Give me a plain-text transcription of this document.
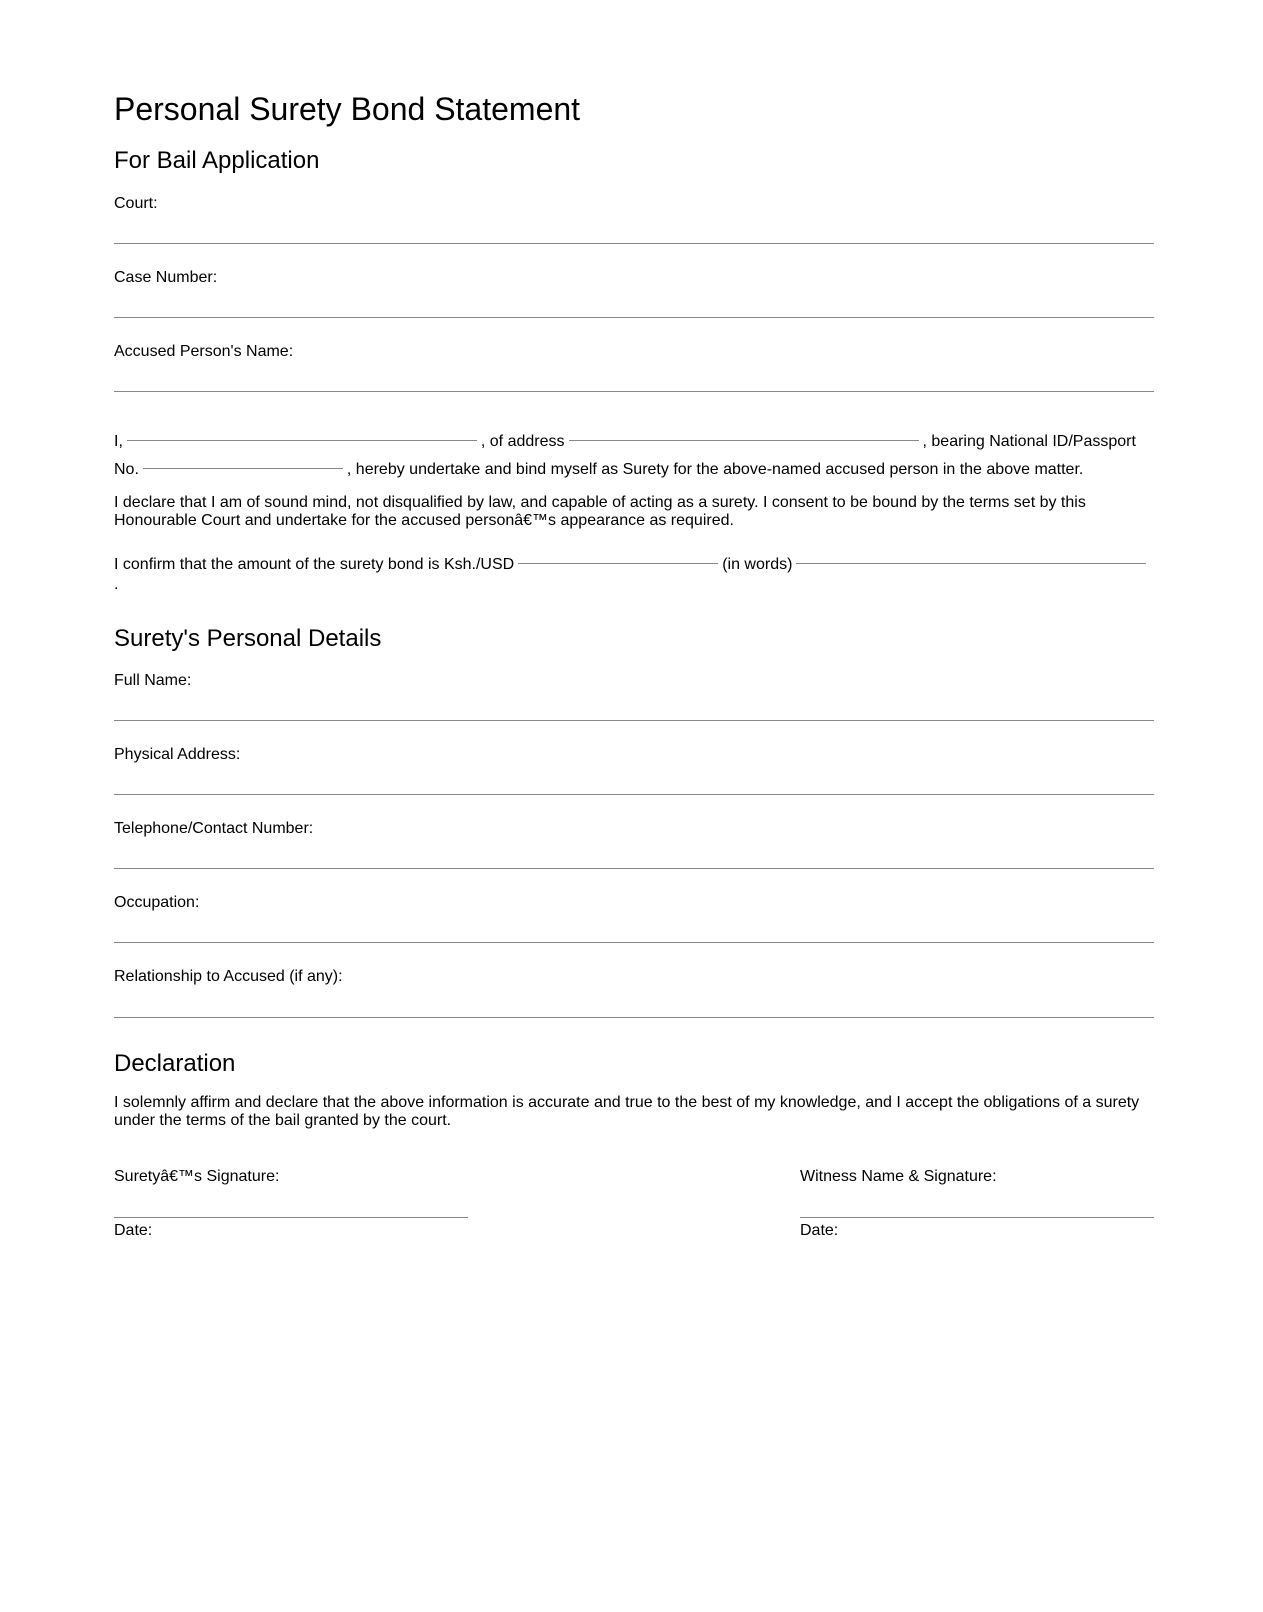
Personal Surety Bond Statement
For Bail Application
Court:
Case Number:
Accused Person's Name:
I,	, of address	, bearing National ID/Passport
No.	, hereby undertake and bind myself as Surety for the above-named accused person in the above matter.
I declare that I am of sound mind, not disqualified by law, and capable of acting as a surety. I consent to be bound by the terms set by this Honourable Court and undertake for the accused personâ€™s appearance as required.
I confirm that the amount of the surety bond is Ksh./USD	(in words)
.
Surety's Personal Details
Full Name:
Physical Address:
Telephone/Contact Number:
Occupation:
Relationship to Accused (if any):
Declaration
I solemnly affirm and declare that the above information is accurate and true to the best of my knowledge, and I accept the obligations of a surety under the terms of the bail granted by the court.
Suretyâ€™s Signature:
Date:
Witness Name & Signature:
Date:
